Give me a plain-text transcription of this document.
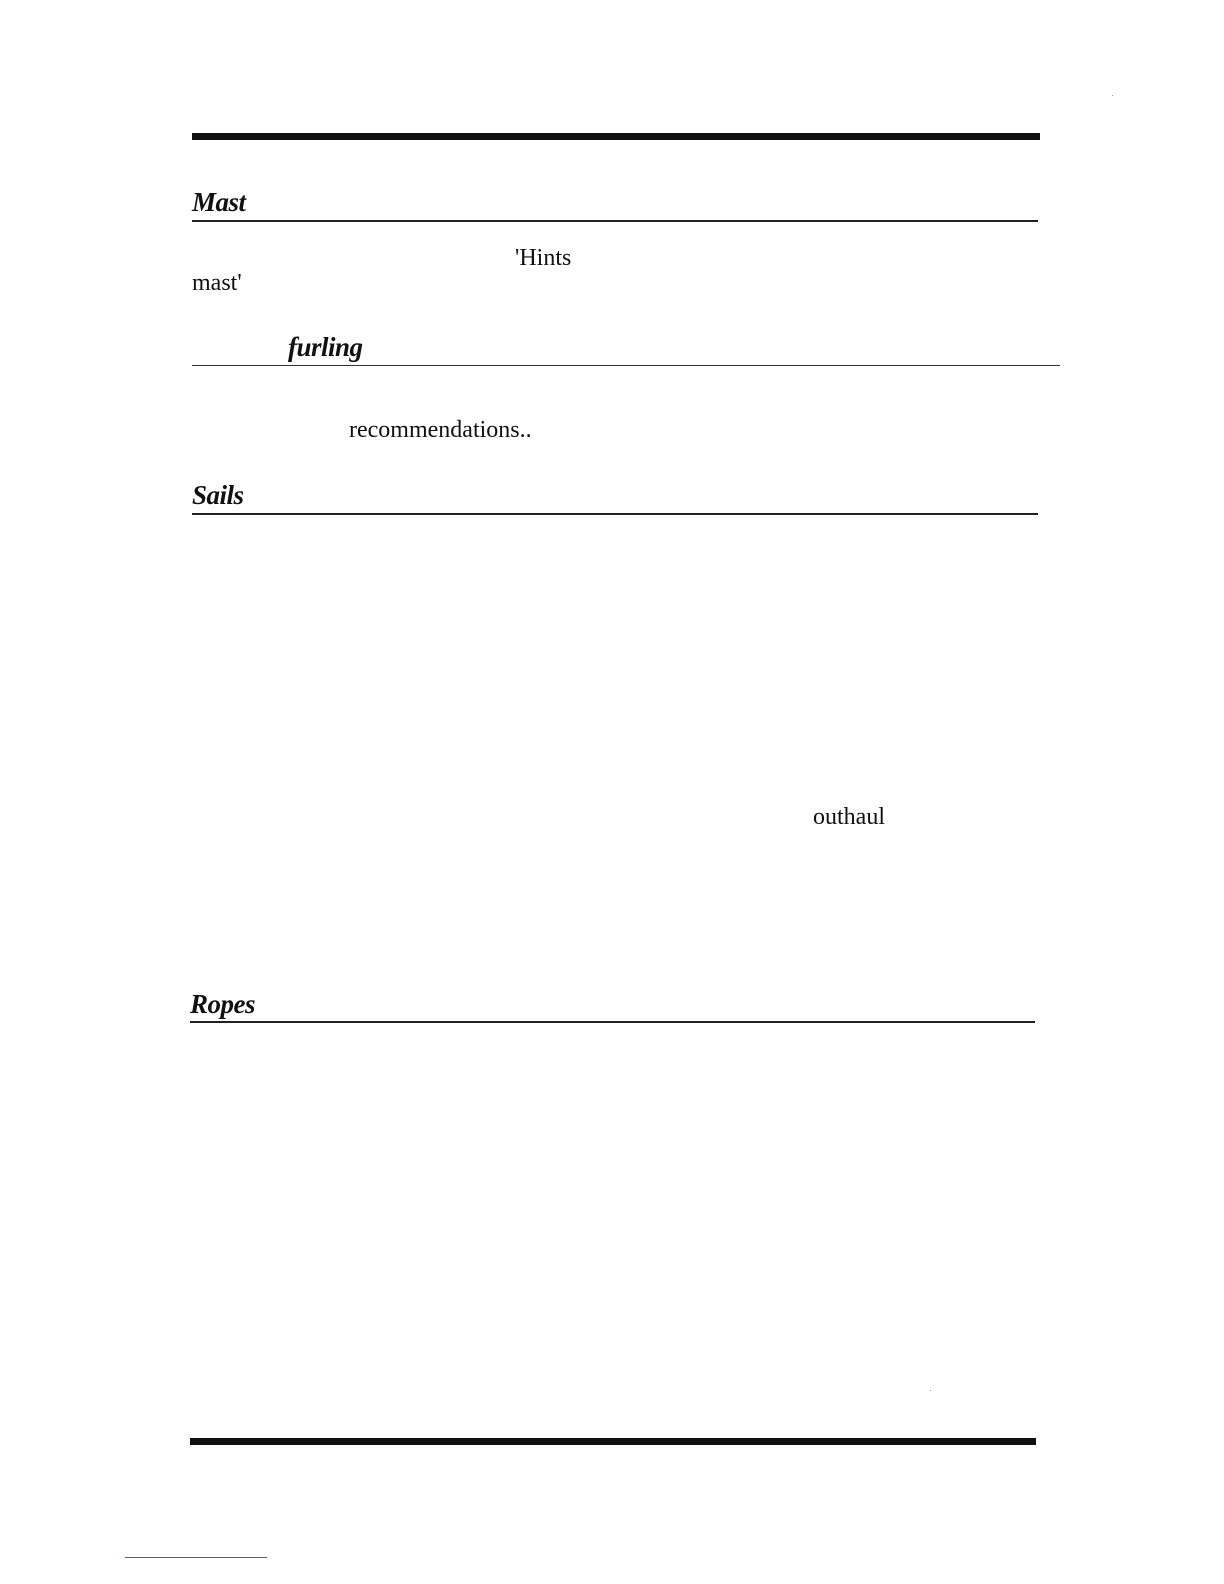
Mast
'Hints
mast'
furling
recommendations..
Sails
outhaul
Ropes
